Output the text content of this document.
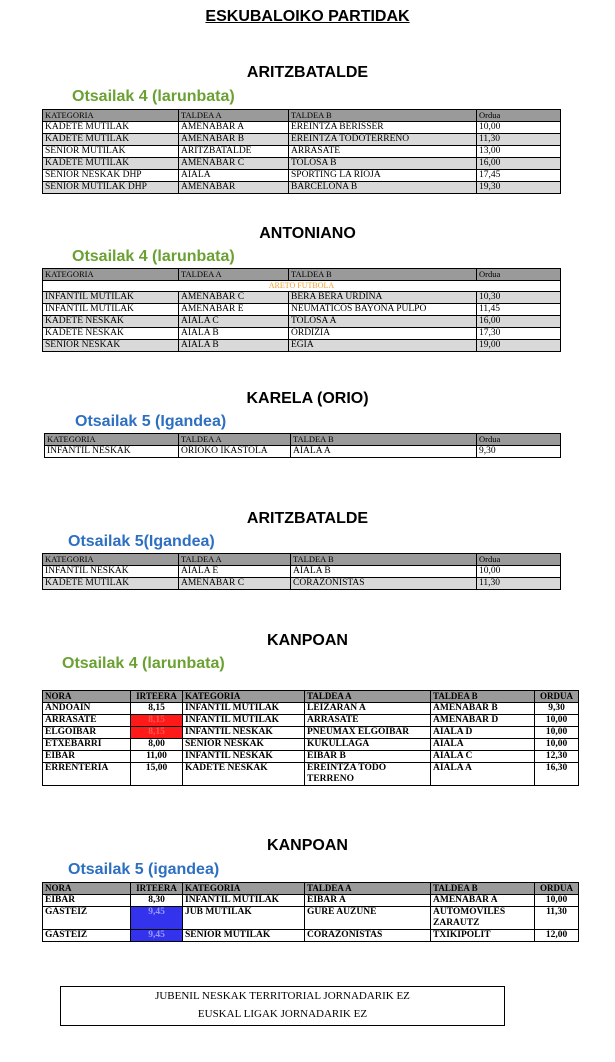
ESKUBALOIKO PARTIDAK
ARITZBATALDE
Otsailak 4 (larunbata)
KATEGORIA	TALDEA A	TALDEA B	Ordua
KADETE MUTILAK	AMENABAR A	EREINTZA BERISSER	10,00
KADETE MUTILAK	AMENABAR B	EREINTZA TODOTERRENO	11,30
SENIOR MUTILAK	ARITZBATALDE	ARRASATE	13,00
KADETE MUTILAK	AMENABAR C	TOLOSA B	16,00
SENIOR NESKAK DHP	AIALA	SPORTING LA RIOJA	17,45
SENIOR MUTILAK DHP	AMENABAR	BARCELONA B	19,30
ANTONIANO
Otsailak 4 (larunbata)
KATEGORIA	TALDEA A	TALDEA B	Ordua
ARETO FUTBOLA			
INFANTIL MUTILAK	AMENABAR C	BERA BERA URDINA	10,30
INFANTIL MUTILAK	AMENABAR E	NEUMATICOS BAYONA PULPO	11,45
KADETE NESKAK	AIALA C	TOLOSA A	16,00
KADETE NESKAK	AIALA B	ORDIZIA	17,30
SENIOR NESKAK	AIALA B	EGIA	19,00
KARELA (ORIO)
Otsailak 5 (Igandea)
KATEGORIA	TALDEA A	TALDEA B	Ordua
INFANTIL NESKAK	ORIOKO IKASTOLA	AIALA A	9,30
ARITZBATALDE
Otsailak 5(Igandea)
KATEGORIA	TALDEA A	TALDEA B	Ordua
INFANTIL NESKAK	AIALA E	AIALA B	10,00
KADETE MUTILAK	AMENABAR C	CORAZONISTAS	11,30
KANPOAN
Otsailak 4 (larunbata)
NORA	IRTEERA	KATEGORIA	TALDEA A	TALDEA B	ORDUA
ANDOAIN	8,15	INFANTIL MUTILAK	LEIZARAN A	AMENABAR B	9,30
ARRASATE	8,15	INFANTIL MUTILAK	ARRASATE	AMENABAR D	10,00
ELGOIBAR	8,15	INFANTIL NESKAK	PNEUMAX ELGOIBAR	AIALA D	10,00
ETXEBARRI	8,00	SENIOR NESKAK	KUKULLAGA	AIALA	10,00
EIBAR	11,00	INFANTIL NESKAK	EIBAR B	AIALA C	12,30
ERRENTERIA	15,00	KADETE NESKAK	EREINTZA TODO TERRENO	AIALA A	16,30
KANPOAN
Otsailak 5 (igandea)
NORA	IRTEERA	KATEGORIA	TALDEA A	TALDEA B	ORDUA
EIBAR	8,30	INFANTIL MUTILAK	EIBAR A	AMENABAR A	10,00
GASTEIZ	9,45	JUB MUTILAK	GURE AUZUNE	AUTOMOVILES ZARAUTZ	11,30
GASTEIZ	9,45	SENIOR MUTILAK	CORAZONISTAS	TXIKIPOLIT	12,00
JUBENIL NESKAK TERRITORIAL JORNADARIK EZ
EUSKAL LIGAK JORNADARIK EZ
